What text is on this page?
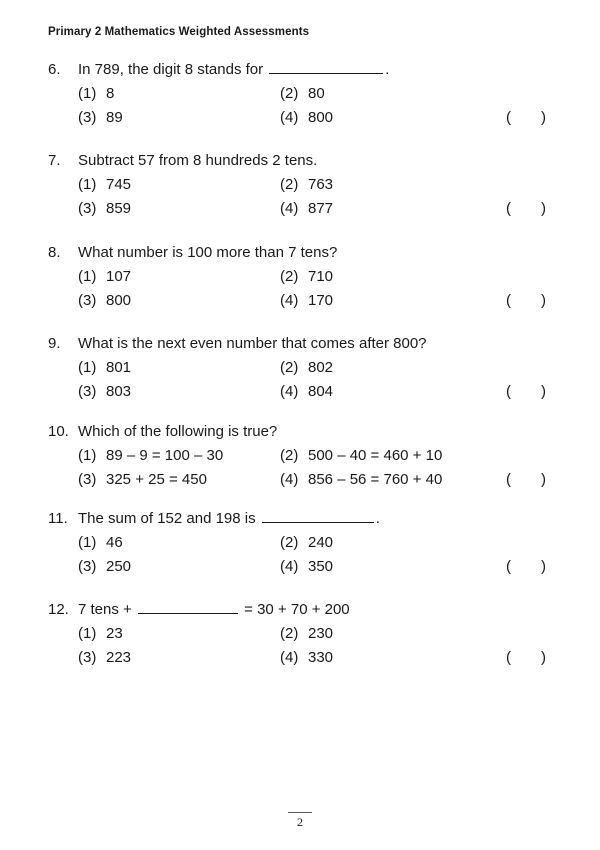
Primary 2 Mathematics Weighted Assessments
6. In 789, the digit 8 stands for	.
(1) 8	(2) 80
(3) 89	(4) 800	( )
7. Subtract 57 from 8 hundreds 2 tens.
(1) 745	(2) 763
(3) 859	(4) 877	( )
8. What number is 100 more than 7 tens?
(1) 107	(2) 710
(3) 800	(4) 170	( )
9. What is the next even number that comes after 800?
(1) 801	(2) 802
(3) 803	(4) 804	( )
10. Which of the following is true?
(1) 89 – 9 = 100 – 30	(2) 500 – 40 = 460 + 10
(3) 325 + 25 = 450	(4) 856 – 56 = 760 + 40	( )
11. The sum of 152 and 198 is	.
(1) 46	(2) 240
(3) 250	(4) 350	( )
12. 7 tens +	= 30 + 70 + 200
(1) 23	(2) 230
(3) 223	(4) 330	( )
2
